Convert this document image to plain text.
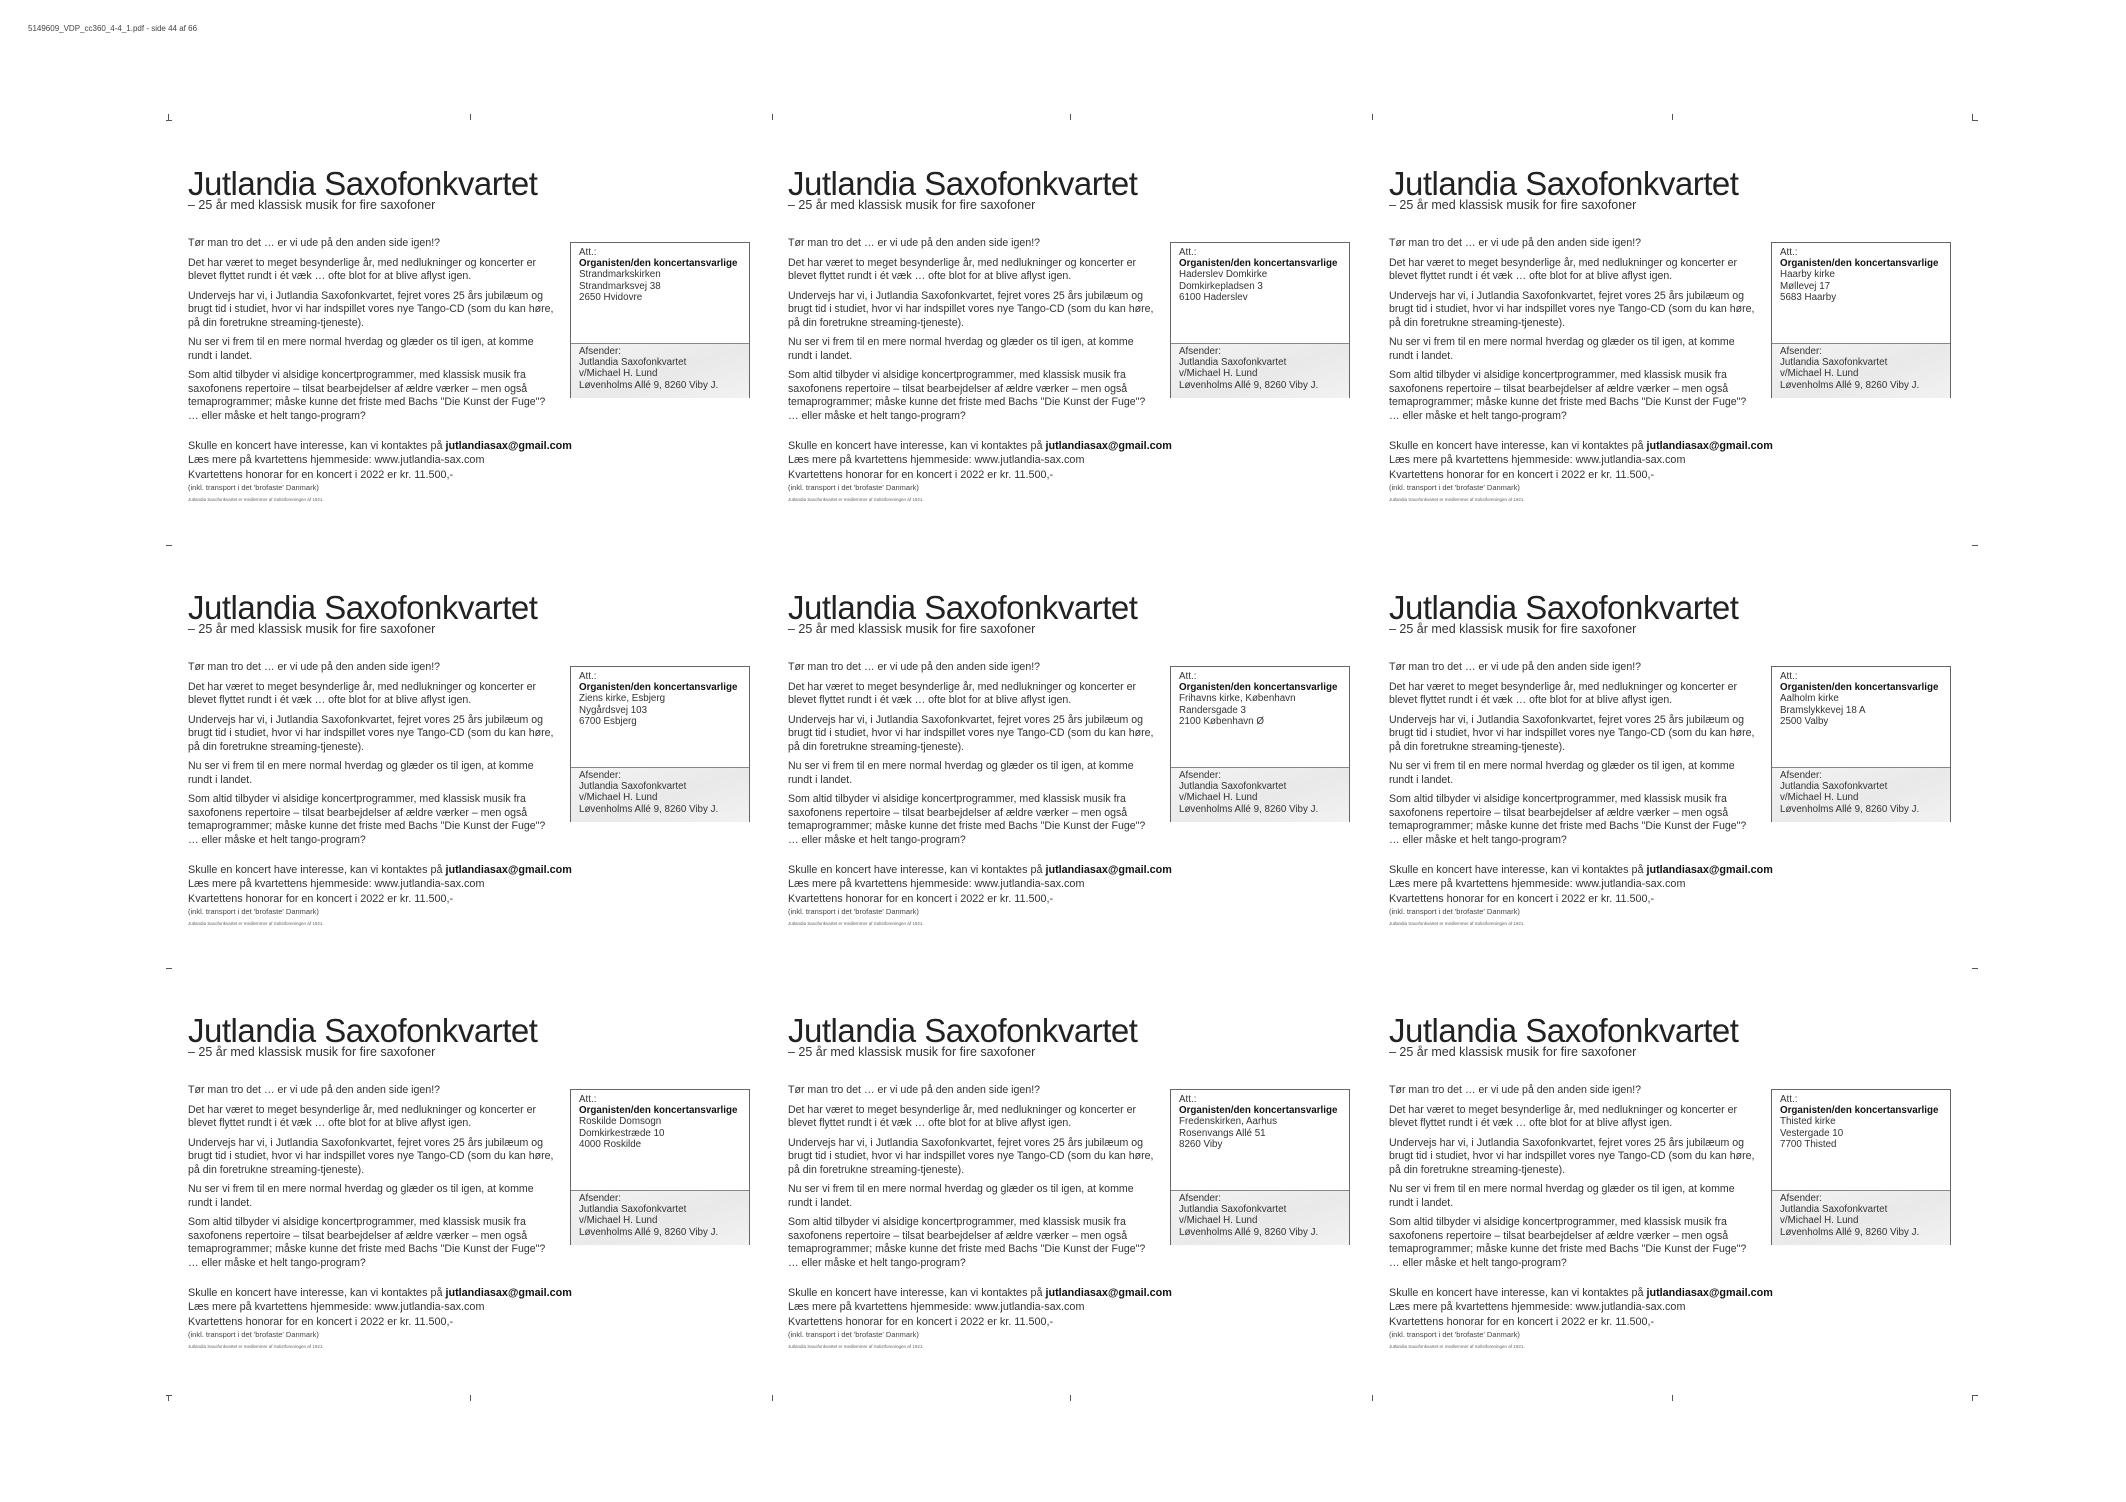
5149609_VDP_cc360_4-4_1.pdf - side 44 af 66
Jutlandia Saxofonkvartet
– 25 år med klassisk musik for fire saxofoner

Tør man tro det … er vi ude på den anden side igen!?

Det har været to meget besynderlige år, med nedlukninger og koncerter er blevet flyttet rundt i ét væk … ofte blot for at blive aflyst igen.

Undervejs har vi, i Jutlandia Saxofonkvartet, fejret vores 25 års jubilæum og brugt tid i studiet, hvor vi har indspillet vores nye Tango-CD (som du kan høre, på din foretrukne streaming-tjeneste).

Nu ser vi frem til en mere normal hverdag og glæder os til igen, at komme rundt i landet.

Som altid tilbyder vi alsidige koncertprogrammer, med klassisk musik fra saxofonens repertoire – tilsat bearbejdelser af ældre værker – men også temaprogrammer; måske kunne det friste med Bachs "Die Kunst der Fuge"? … eller måske et helt tango-program?

Skulle en koncert have interesse, kan vi kontaktes på jutlandiasax@gmail.com

Læs mere på kvartettens hjemmeside: www.jutlandia-sax.com

Kvartettens honorar for en koncert i 2022 er kr. 11.500,-
(inkl. transport i det 'brofaste' Danmark)
Jutlandia Saxofonkvartet er medlemmer af Solistforeningen af 1921.
Att.:
Organisten/den koncertansvarlige
Strandmarkskirken
Strandmarksvej 38
2650 Hvidovre
Afsender:
Jutlandia Saxofonkvartet
v/Michael H. Lund
Løvenholms Allé 9, 8260 Viby J.
Jutlandia Saxofonkvartet
– 25 år med klassisk musik for fire saxofoner

Tør man tro det … er vi ude på den anden side igen!?

Det har været to meget besynderlige år, med nedlukninger og koncerter er blevet flyttet rundt i ét væk … ofte blot for at blive aflyst igen.

Undervejs har vi, i Jutlandia Saxofonkvartet, fejret vores 25 års jubilæum og brugt tid i studiet, hvor vi har indspillet vores nye Tango-CD (som du kan høre, på din foretrukne streaming-tjeneste).

Nu ser vi frem til en mere normal hverdag og glæder os til igen, at komme rundt i landet.

Som altid tilbyder vi alsidige koncertprogrammer, med klassisk musik fra saxofonens repertoire – tilsat bearbejdelser af ældre værker – men også temaprogrammer; måske kunne det friste med Bachs "Die Kunst der Fuge"? … eller måske et helt tango-program?

Skulle en koncert have interesse, kan vi kontaktes på jutlandiasax@gmail.com

Læs mere på kvartettens hjemmeside: www.jutlandia-sax.com

Kvartettens honorar for en koncert i 2022 er kr. 11.500,-
(inkl. transport i det 'brofaste' Danmark)
Jutlandia Saxofonkvartet er medlemmer af Solistforeningen af 1921.
Att.:
Organisten/den koncertansvarlige
Haderslev Domkirke
Domkirkepladsen 3
6100 Haderslev
Afsender:
Jutlandia Saxofonkvartet
v/Michael H. Lund
Løvenholms Allé 9, 8260 Viby J.
Jutlandia Saxofonkvartet
– 25 år med klassisk musik for fire saxofoner

Tør man tro det … er vi ude på den anden side igen!?

Det har været to meget besynderlige år, med nedlukninger og koncerter er blevet flyttet rundt i ét væk … ofte blot for at blive aflyst igen.

Undervejs har vi, i Jutlandia Saxofonkvartet, fejret vores 25 års jubilæum og brugt tid i studiet, hvor vi har indspillet vores nye Tango-CD (som du kan høre, på din foretrukne streaming-tjeneste).

Nu ser vi frem til en mere normal hverdag og glæder os til igen, at komme rundt i landet.

Som altid tilbyder vi alsidige koncertprogrammer, med klassisk musik fra saxofonens repertoire – tilsat bearbejdelser af ældre værker – men også temaprogrammer; måske kunne det friste med Bachs "Die Kunst der Fuge"? … eller måske et helt tango-program?

Skulle en koncert have interesse, kan vi kontaktes på jutlandiasax@gmail.com

Læs mere på kvartettens hjemmeside: www.jutlandia-sax.com

Kvartettens honorar for en koncert i 2022 er kr. 11.500,-
(inkl. transport i det 'brofaste' Danmark)
Jutlandia Saxofonkvartet er medlemmer af Solistforeningen af 1921.
Att.:
Organisten/den koncertansvarlige
Haarby kirke
Møllevej 17
5683 Haarby
Afsender:
Jutlandia Saxofonkvartet
v/Michael H. Lund
Løvenholms Allé 9, 8260 Viby J.
Jutlandia Saxofonkvartet
– 25 år med klassisk musik for fire saxofoner

Tør man tro det … er vi ude på den anden side igen!?

Det har været to meget besynderlige år, med nedlukninger og koncerter er blevet flyttet rundt i ét væk … ofte blot for at blive aflyst igen.

Undervejs har vi, i Jutlandia Saxofonkvartet, fejret vores 25 års jubilæum og brugt tid i studiet, hvor vi har indspillet vores nye Tango-CD (som du kan høre, på din foretrukne streaming-tjeneste).

Nu ser vi frem til en mere normal hverdag og glæder os til igen, at komme rundt i landet.

Som altid tilbyder vi alsidige koncertprogrammer, med klassisk musik fra saxofonens repertoire – tilsat bearbejdelser af ældre værker – men også temaprogrammer; måske kunne det friste med Bachs "Die Kunst der Fuge"? … eller måske et helt tango-program?

Skulle en koncert have interesse, kan vi kontaktes på jutlandiasax@gmail.com

Læs mere på kvartettens hjemmeside: www.jutlandia-sax.com

Kvartettens honorar for en koncert i 2022 er kr. 11.500,-
(inkl. transport i det 'brofaste' Danmark)
Jutlandia Saxofonkvartet er medlemmer af Solistforeningen af 1921.
Att.:
Organisten/den koncertansvarlige
Ziens kirke, Esbjerg
Nygårdsvej 103
6700 Esbjerg
Afsender:
Jutlandia Saxofonkvartet
v/Michael H. Lund
Løvenholms Allé 9, 8260 Viby J.
Jutlandia Saxofonkvartet
– 25 år med klassisk musik for fire saxofoner

Tør man tro det … er vi ude på den anden side igen!?

Det har været to meget besynderlige år, med nedlukninger og koncerter er blevet flyttet rundt i ét væk … ofte blot for at blive aflyst igen.

Undervejs har vi, i Jutlandia Saxofonkvartet, fejret vores 25 års jubilæum og brugt tid i studiet, hvor vi har indspillet vores nye Tango-CD (som du kan høre, på din foretrukne streaming-tjeneste).

Nu ser vi frem til en mere normal hverdag og glæder os til igen, at komme rundt i landet.

Som altid tilbyder vi alsidige koncertprogrammer, med klassisk musik fra saxofonens repertoire – tilsat bearbejdelser af ældre værker – men også temaprogrammer; måske kunne det friste med Bachs "Die Kunst der Fuge"? … eller måske et helt tango-program?

Skulle en koncert have interesse, kan vi kontaktes på jutlandiasax@gmail.com

Læs mere på kvartettens hjemmeside: www.jutlandia-sax.com

Kvartettens honorar for en koncert i 2022 er kr. 11.500,-
(inkl. transport i det 'brofaste' Danmark)
Jutlandia Saxofonkvartet er medlemmer af Solistforeningen af 1921.
Att.:
Organisten/den koncertansvarlige
Frihavns kirke, København
Randersgade 3
2100 København Ø
Afsender:
Jutlandia Saxofonkvartet
v/Michael H. Lund
Løvenholms Allé 9, 8260 Viby J.
Jutlandia Saxofonkvartet
– 25 år med klassisk musik for fire saxofoner

Tør man tro det … er vi ude på den anden side igen!?

Det har været to meget besynderlige år, med nedlukninger og koncerter er blevet flyttet rundt i ét væk … ofte blot for at blive aflyst igen.

Undervejs har vi, i Jutlandia Saxofonkvartet, fejret vores 25 års jubilæum og brugt tid i studiet, hvor vi har indspillet vores nye Tango-CD (som du kan høre, på din foretrukne streaming-tjeneste).

Nu ser vi frem til en mere normal hverdag og glæder os til igen, at komme rundt i landet.

Som altid tilbyder vi alsidige koncertprogrammer, med klassisk musik fra saxofonens repertoire – tilsat bearbejdelser af ældre værker – men også temaprogrammer; måske kunne det friste med Bachs "Die Kunst der Fuge"? … eller måske et helt tango-program?

Skulle en koncert have interesse, kan vi kontaktes på jutlandiasax@gmail.com

Læs mere på kvartettens hjemmeside: www.jutlandia-sax.com

Kvartettens honorar for en koncert i 2022 er kr. 11.500,-
(inkl. transport i det 'brofaste' Danmark)
Jutlandia Saxofonkvartet er medlemmer af Solistforeningen af 1921.
Att.:
Organisten/den koncertansvarlige
Aalholm kirke
Bramslykkevej 18 A
2500 Valby
Afsender:
Jutlandia Saxofonkvartet
v/Michael H. Lund
Løvenholms Allé 9, 8260 Viby J.
Jutlandia Saxofonkvartet
– 25 år med klassisk musik for fire saxofoner

Tør man tro det … er vi ude på den anden side igen!?

Det har været to meget besynderlige år, med nedlukninger og koncerter er blevet flyttet rundt i ét væk … ofte blot for at blive aflyst igen.

Undervejs har vi, i Jutlandia Saxofonkvartet, fejret vores 25 års jubilæum og brugt tid i studiet, hvor vi har indspillet vores nye Tango-CD (som du kan høre, på din foretrukne streaming-tjeneste).

Nu ser vi frem til en mere normal hverdag og glæder os til igen, at komme rundt i landet.

Som altid tilbyder vi alsidige koncertprogrammer, med klassisk musik fra saxofonens repertoire – tilsat bearbejdelser af ældre værker – men også temaprogrammer; måske kunne det friste med Bachs "Die Kunst der Fuge"? … eller måske et helt tango-program?

Skulle en koncert have interesse, kan vi kontaktes på jutlandiasax@gmail.com

Læs mere på kvartettens hjemmeside: www.jutlandia-sax.com

Kvartettens honorar for en koncert i 2022 er kr. 11.500,-
(inkl. transport i det 'brofaste' Danmark)
Jutlandia Saxofonkvartet er medlemmer af Solistforeningen af 1921.
Att.:
Organisten/den koncertansvarlige
Roskilde Domsogn
Domkirkestræde 10
4000 Roskilde
Afsender:
Jutlandia Saxofonkvartet
v/Michael H. Lund
Løvenholms Allé 9, 8260 Viby J.
Jutlandia Saxofonkvartet
– 25 år med klassisk musik for fire saxofoner

Tør man tro det … er vi ude på den anden side igen!?

Det har været to meget besynderlige år, med nedlukninger og koncerter er blevet flyttet rundt i ét væk … ofte blot for at blive aflyst igen.

Undervejs har vi, i Jutlandia Saxofonkvartet, fejret vores 25 års jubilæum og brugt tid i studiet, hvor vi har indspillet vores nye Tango-CD (som du kan høre, på din foretrukne streaming-tjeneste).

Nu ser vi frem til en mere normal hverdag og glæder os til igen, at komme rundt i landet.

Som altid tilbyder vi alsidige koncertprogrammer, med klassisk musik fra saxofonens repertoire – tilsat bearbejdelser af ældre værker – men også temaprogrammer; måske kunne det friste med Bachs "Die Kunst der Fuge"? … eller måske et helt tango-program?

Skulle en koncert have interesse, kan vi kontaktes på jutlandiasax@gmail.com

Læs mere på kvartettens hjemmeside: www.jutlandia-sax.com

Kvartettens honorar for en koncert i 2022 er kr. 11.500,-
(inkl. transport i det 'brofaste' Danmark)
Jutlandia Saxofonkvartet er medlemmer af Solistforeningen af 1921.
Att.:
Organisten/den koncertansvarlige
Fredenskirken, Aarhus
Rosenvangs Allé 51
8260 Viby
Afsender:
Jutlandia Saxofonkvartet
v/Michael H. Lund
Løvenholms Allé 9, 8260 Viby J.
Jutlandia Saxofonkvartet
– 25 år med klassisk musik for fire saxofoner

Tør man tro det … er vi ude på den anden side igen!?

Det har været to meget besynderlige år, med nedlukninger og koncerter er blevet flyttet rundt i ét væk … ofte blot for at blive aflyst igen.

Undervejs har vi, i Jutlandia Saxofonkvartet, fejret vores 25 års jubilæum og brugt tid i studiet, hvor vi har indspillet vores nye Tango-CD (som du kan høre, på din foretrukne streaming-tjeneste).

Nu ser vi frem til en mere normal hverdag og glæder os til igen, at komme rundt i landet.

Som altid tilbyder vi alsidige koncertprogrammer, med klassisk musik fra saxofonens repertoire – tilsat bearbejdelser af ældre værker – men også temaprogrammer; måske kunne det friste med Bachs "Die Kunst der Fuge"? … eller måske et helt tango-program?

Skulle en koncert have interesse, kan vi kontaktes på jutlandiasax@gmail.com

Læs mere på kvartettens hjemmeside: www.jutlandia-sax.com

Kvartettens honorar for en koncert i 2022 er kr. 11.500,-
(inkl. transport i det 'brofaste' Danmark)
Jutlandia Saxofonkvartet er medlemmer af Solistforeningen af 1921.
Att.:
Organisten/den koncertansvarlige
Thisted kirke
Vestergade 10
7700 Thisted
Afsender:
Jutlandia Saxofonkvartet
v/Michael H. Lund
Løvenholms Allé 9, 8260 Viby J.
